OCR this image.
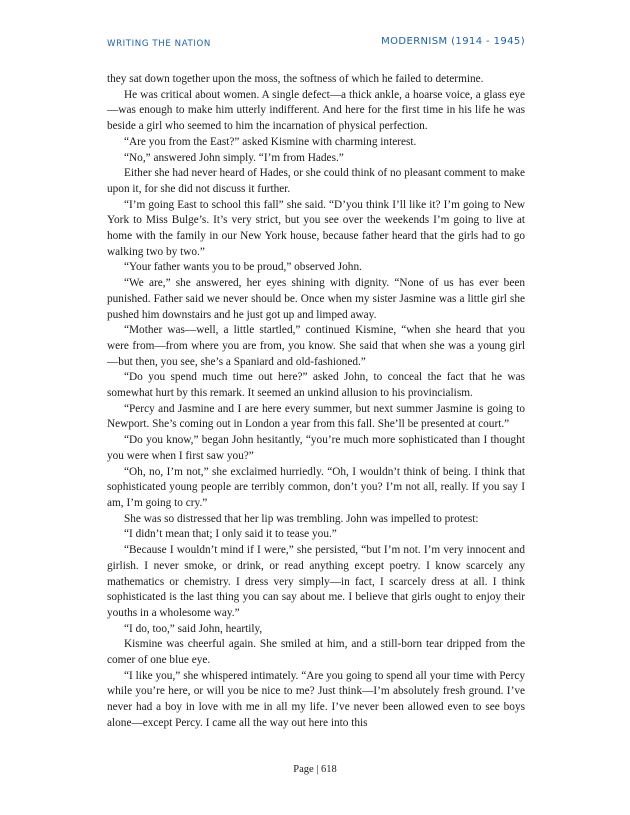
WRITING THE NATION	MODERNISM (1914 - 1945)

they sat down together upon the moss, the softness of which he failed to determine.

He was critical about women. A single defect—a thick ankle, a hoarse voice, a glass eye—was enough to make him utterly indifferent. And here for the first time in his life he was beside a girl who seemed to him the incarnation of physical perfection.

“Are you from the East?” asked Kismine with charming interest.

“No,” answered John simply. “I’m from Hades.”

Either she had never heard of Hades, or she could think of no pleasant comment to make upon it, for she did not discuss it further.

“I’m going East to school this fall” she said. “D’you think I’ll like it? I’m going to New York to Miss Bulge’s. It’s very strict, but you see over the weekends I’m going to live at home with the family in our New York house, because father heard that the girls had to go walking two by two.”

“Your father wants you to be proud,” observed John.

“We are,” she answered, her eyes shining with dignity. “None of us has ever been punished. Father said we never should be. Once when my sister Jasmine was a little girl she pushed him downstairs and he just got up and limped away.

“Mother was—well, a little startled,” continued Kismine, “when she heard that you were from—from where you are from, you know. She said that when she was a young girl—but then, you see, she’s a Spaniard and old-fashioned.”

“Do you spend much time out here?” asked John, to conceal the fact that he was somewhat hurt by this remark. It seemed an unkind allusion to his provincialism.

“Percy and Jasmine and I are here every summer, but next summer Jasmine is going to Newport. She’s coming out in London a year from this fall. She’ll be presented at court.”

“Do you know,” began John hesitantly, “you’re much more sophisticated than I thought you were when I first saw you?”

“Oh, no, I’m not,” she exclaimed hurriedly. “Oh, I wouldn’t think of being. I think that sophisticated young people are terribly common, don’t you? I’m not all, really. If you say I am, I’m going to cry.”

She was so distressed that her lip was trembling. John was impelled to protest:

“I didn’t mean that; I only said it to tease you.”

“Because I wouldn’t mind if I were,” she persisted, “but I’m not. I’m very innocent and girlish. I never smoke, or drink, or read anything except poetry. I know scarcely any mathematics or chemistry. I dress very simply—in fact, I scarcely dress at all. I think sophisticated is the last thing you can say about me. I believe that girls ought to enjoy their youths in a wholesome way.”

“I do, too,” said John, heartily,

Kismine was cheerful again. She smiled at him, and a still-born tear dripped from the comer of one blue eye.

“I like you,” she whispered intimately. “Are you going to spend all your time with Percy while you’re here, or will you be nice to me? Just think—I’m absolutely fresh ground. I’ve never had a boy in love with me in all my life. I’ve never been allowed even to see boys alone—except Percy. I came all the way out here into this

Page | 618
